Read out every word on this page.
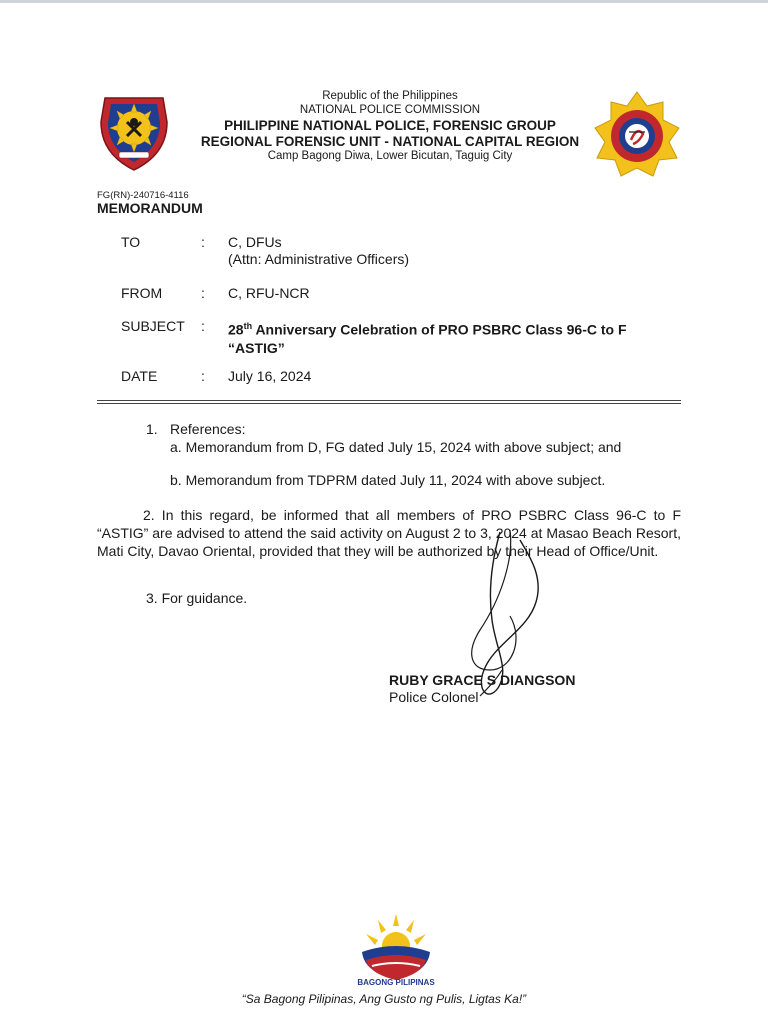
Republic of the Philippines
NATIONAL POLICE COMMISSION
PHILIPPINE NATIONAL POLICE, FORENSIC GROUP
REGIONAL FORENSIC UNIT - NATIONAL CAPITAL REGION
Camp Bagong Diwa, Lower Bicutan, Taguig City
FG(RN)-240716-4116
MEMORANDUM
TO	: C, DFUs
(Attn: Administrative Officers)
FROM	: C, RFU-NCR
SUBJECT : 28th Anniversary Celebration of PRO PSBRC Class 96-C to F
“ASTIG”
DATE	: July 16, 2024
1. References:
a. Memorandum from D, FG dated July 15, 2024 with above subject; and
b. Memorandum from TDPRM dated July 11, 2024 with above subject.
2. In this regard, be informed that all members of PRO PSBRC Class 96-C to F “ASTIG” are advised to attend the said activity on August 2 to 3, 2024 at Masao Beach Resort, Mati City, Davao Oriental, provided that they will be authorized by their Head of Office/Unit.
3. For guidance.
RUBY GRACE S DIANGSON
Police Colonel
BAGONG PILIPINAS
“Sa Bagong Pilipinas, Ang Gusto ng Pulis, Ligtas Ka!”
